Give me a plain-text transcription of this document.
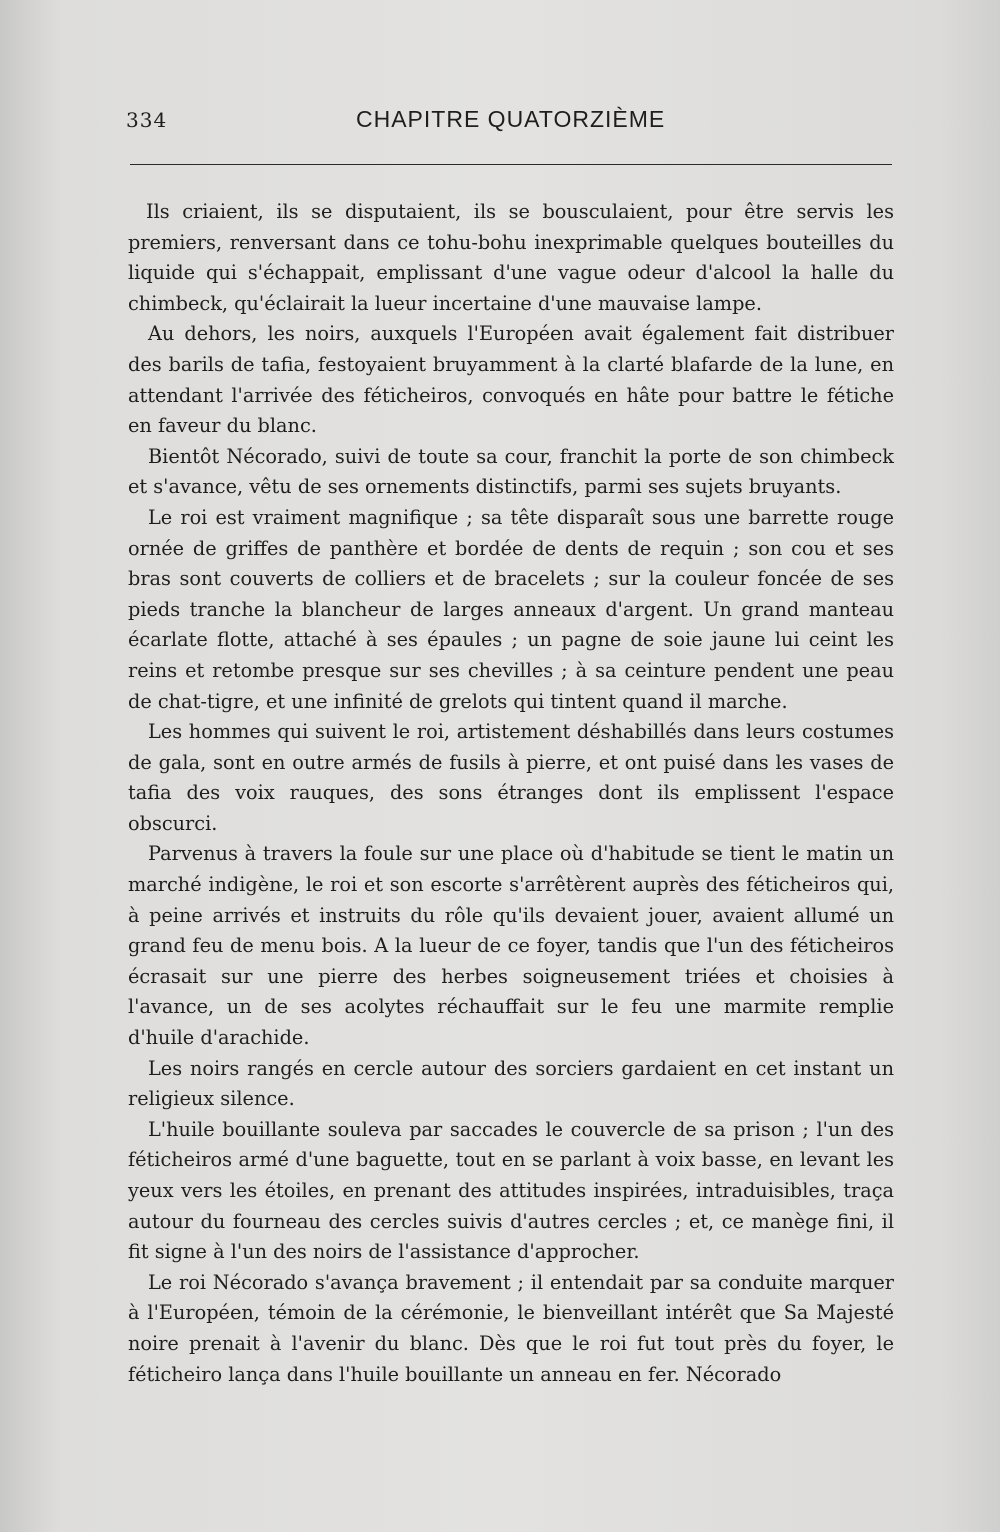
334	CHAPITRE QUATORZIÈME

Ils criaient, ils se disputaient, ils se bousculaient, pour être servis les premiers, renversant dans ce tohu-bohu inexprimable quelques bouteilles du liquide qui s'échappait, emplissant d'une vague odeur d'alcool la halle du chimbeck, qu'éclairait la lueur incertaine d'une mauvaise lampe.

Au dehors, les noirs, auxquels l'Européen avait également fait distribuer des barils de tafia, festoyaient bruyamment à la clarté blafarde de la lune, en attendant l'arrivée des féticheiros, convoqués en hâte pour battre le fétiche en faveur du blanc.

Bientôt Nécorado, suivi de toute sa cour, franchit la porte de son chimbeck et s'avance, vêtu de ses ornements distinctifs, parmi ses sujets bruyants.

Le roi est vraiment magnifique ; sa tête disparaît sous une barrette rouge ornée de griffes de panthère et bordée de dents de requin ; son cou et ses bras sont couverts de colliers et de bracelets ; sur la couleur foncée de ses pieds tranche la blancheur de larges anneaux d'argent. Un grand manteau écarlate flotte, attaché à ses épaules ; un pagne de soie jaune lui ceint les reins et retombe presque sur ses chevilles ; à sa ceinture pendent une peau de chat-tigre, et une infinité de grelots qui tintent quand il marche.

Les hommes qui suivent le roi, artistement déshabillés dans leurs costumes de gala, sont en outre armés de fusils à pierre, et ont puisé dans les vases de tafia des voix rauques, des sons étranges dont ils emplissent l'espace obscurci.

Parvenus à travers la foule sur une place où d'habitude se tient le matin un marché indigène, le roi et son escorte s'arrêtèrent auprès des féticheiros qui, à peine arrivés et instruits du rôle qu'ils devaient jouer, avaient allumé un grand feu de menu bois. A la lueur de ce foyer, tandis que l'un des féticheiros écrasait sur une pierre des herbes soigneusement triées et choisies à l'avance, un de ses acolytes réchauffait sur le feu une marmite remplie d'huile d'arachide.

Les noirs rangés en cercle autour des sorciers gardaient en cet instant un religieux silence.

L'huile bouillante souleva par saccades le couvercle de sa prison ; l'un des féticheiros armé d'une baguette, tout en se parlant à voix basse, en levant les yeux vers les étoiles, en prenant des attitudes inspirées, intraduisibles, traça autour du fourneau des cercles suivis d'autres cercles ; et, ce manège fini, il fit signe à l'un des noirs de l'assistance d'approcher.

Le roi Nécorado s'avança bravement ; il entendait par sa conduite marquer à l'Européen, témoin de la cérémonie, le bienveillant intérêt que Sa Majesté noire prenait à l'avenir du blanc. Dès que le roi fut tout près du foyer, le féticheiro lança dans l'huile bouillante un anneau en fer. Nécorado
